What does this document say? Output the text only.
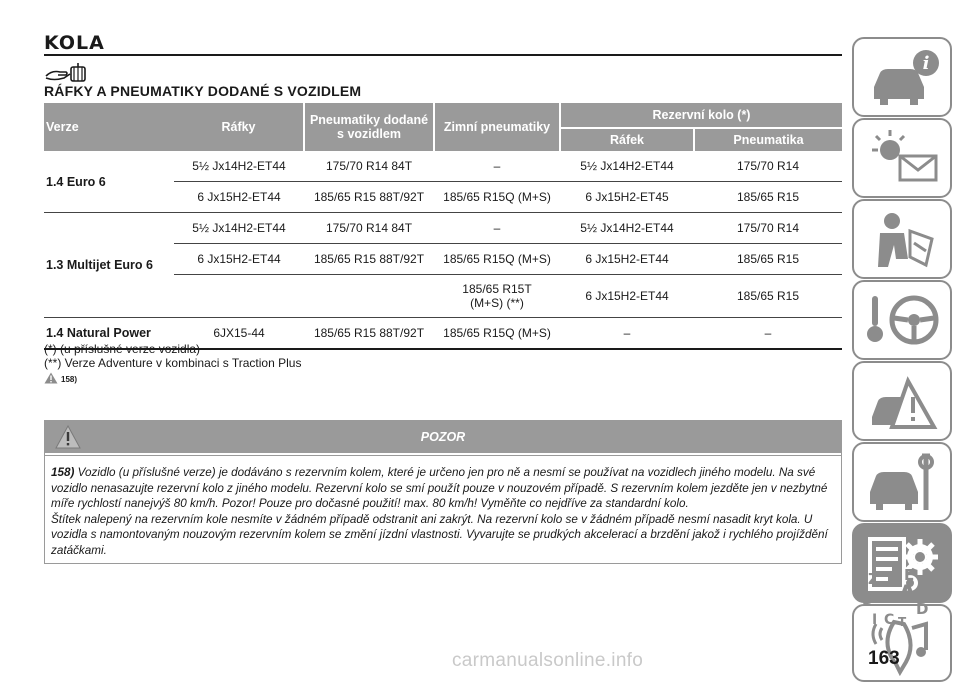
KOLA
RÁFKY A PNEUMATIKY DODANÉ S VOZIDLEM
Verze	Ráfky	Pneumatiky dodané s vozidlem	Zimní pneumatiky	Rezervní kolo (*)	
				Ráfek	Pneumatika
1.4 Euro 6	5½ Jx14H2-ET44	175/70 R14 84T	–	5½ Jx14H2-ET44	175/70 R14
	6 Jx15H2-ET44	185/65 R15 88T/92T	185/65 R15Q (M+S)	6 Jx15H2-ET45	185/65 R15
1.3 Multijet Euro 6	5½ Jx14H2-ET44	175/70 R14 84T	–	5½ Jx14H2-ET44	175/70 R14
	6 Jx15H2-ET44	185/65 R15 88T/92T	185/65 R15Q (M+S)	6 Jx15H2-ET44	185/65 R15
			185/65 R15T (M+S) (**)	6 Jx15H2-ET44	185/65 R15
1.4 Natural Power	6JX15-44	185/65 R15 88T/92T	185/65 R15Q (M+S)	–	–
(*) (u příslušné verze vozidla)
(**) Verze Adventure v kombinaci s Traction Plus
158)
POZOR
158) Vozidlo (u příslušné verze) je dodáváno s rezervním kolem, které je určeno jen pro ně a nesmí se používat na vozidlech jiného modelu. Na své vozidlo nenasazujte rezervní kolo z jiného modelu. Rezervní kolo se smí použít pouze v nouzovém případě. S rezervním kolem jezděte jen v nezbytné míře rychlostí nanejvýš 80 km/h. Pozor! Pouze pro dočasné použití! max. 80 km/h! Vyměňte co nejdříve za standardní kolo.
Štítek nalepený na rezervním kole nesmíte v žádném případě odstranit ani zakrýt. Na rezervní kolo se v žádném případě nesmí nasadit kryt kola. U vozidla s namontovaným nouzovým rezervním kolem se změní jízdní vlastnosti. Vyvarujte se prudkých akcelerací a brzdění jakož i rychlého projíždění zatáčkami.
i
Z E
B A
I C T
D
163
carmanualsonline.info
